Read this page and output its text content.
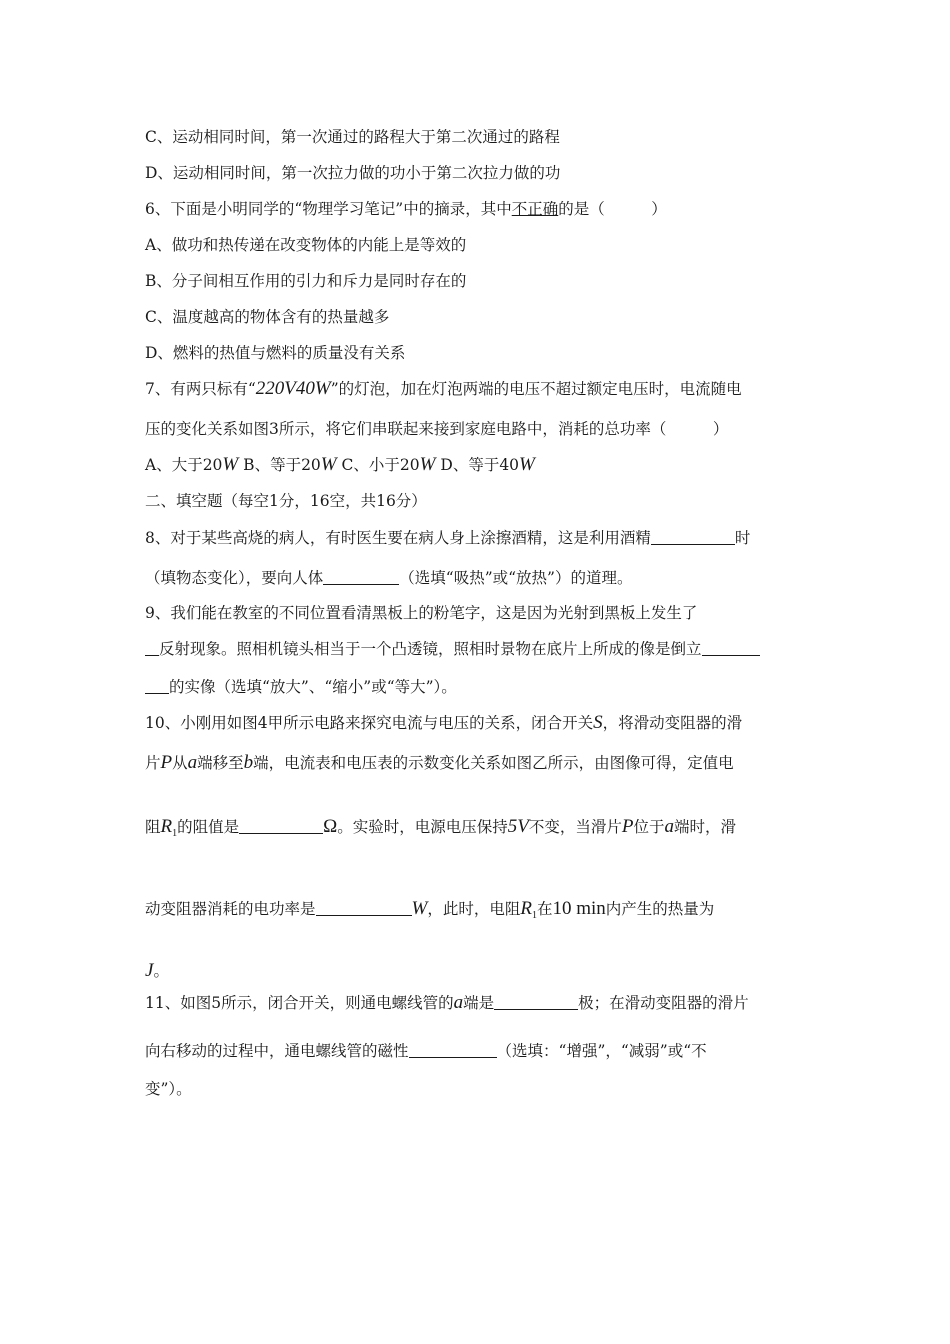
C、运动相同时间，第一次通过的路程大于第二次通过的路程
D、运动相同时间，第一次拉力做的功小于第二次拉力做的功
6、下面是小明同学的“物理学习笔记”中的摘录，其中不正确的是（　　　）
A、做功和热传递在改变物体的内能上是等效的
B、分子间相互作用的引力和斥力是同时存在的
C、温度越高的物体含有的热量越多
D、燃料的热值与燃料的质量没有关系
7、有两只标有“220V40W”的灯泡，加在灯泡两端的电压不超过额定电压时，电流随电
压的变化关系如图3所示，将它们串联起来接到家庭电路中，消耗的总功率（　　　）
A、大于20W B、等于20W C、小于20W D、等于40W
二、填空题（每空1分，16空，共16分）
8、对于某些高烧的病人，有时医生要在病人身上涂擦酒精，这是利用酒精	时
（填物态变化），要向人体	（选填“吸热”或“放热”）的道理。
9、我们能在教室的不同位置看清黑板上的粉笔字，这是因为光射到黑板上发生了
反射现象。照相机镜头相当于一个凸透镜，照相时景物在底片上所成的像是倒立
的实像（选填“放大”、“缩小”或“等大”）。
10、小刚用如图4甲所示电路来探究电流与电压的关系，闭合开关S，将滑动变阻器的滑
片P从a端移至b端，电流表和电压表的示数变化关系如图乙所示，由图像可得，定值电
阻$R_1$的阻值是	Ω。实验时，电源电压保持5V不变，当滑片P位于a端时，滑
动变阻器消耗的电功率是	W，此时，电阻$R_1$在10 min内产生的热量为
J。
11、如图5所示，闭合开关，则通电螺线管的a端是	极；在滑动变阻器的滑片
向右移动的过程中，通电螺线管的磁性	（选填：“增强”，“减弱”或“不
变”）。
